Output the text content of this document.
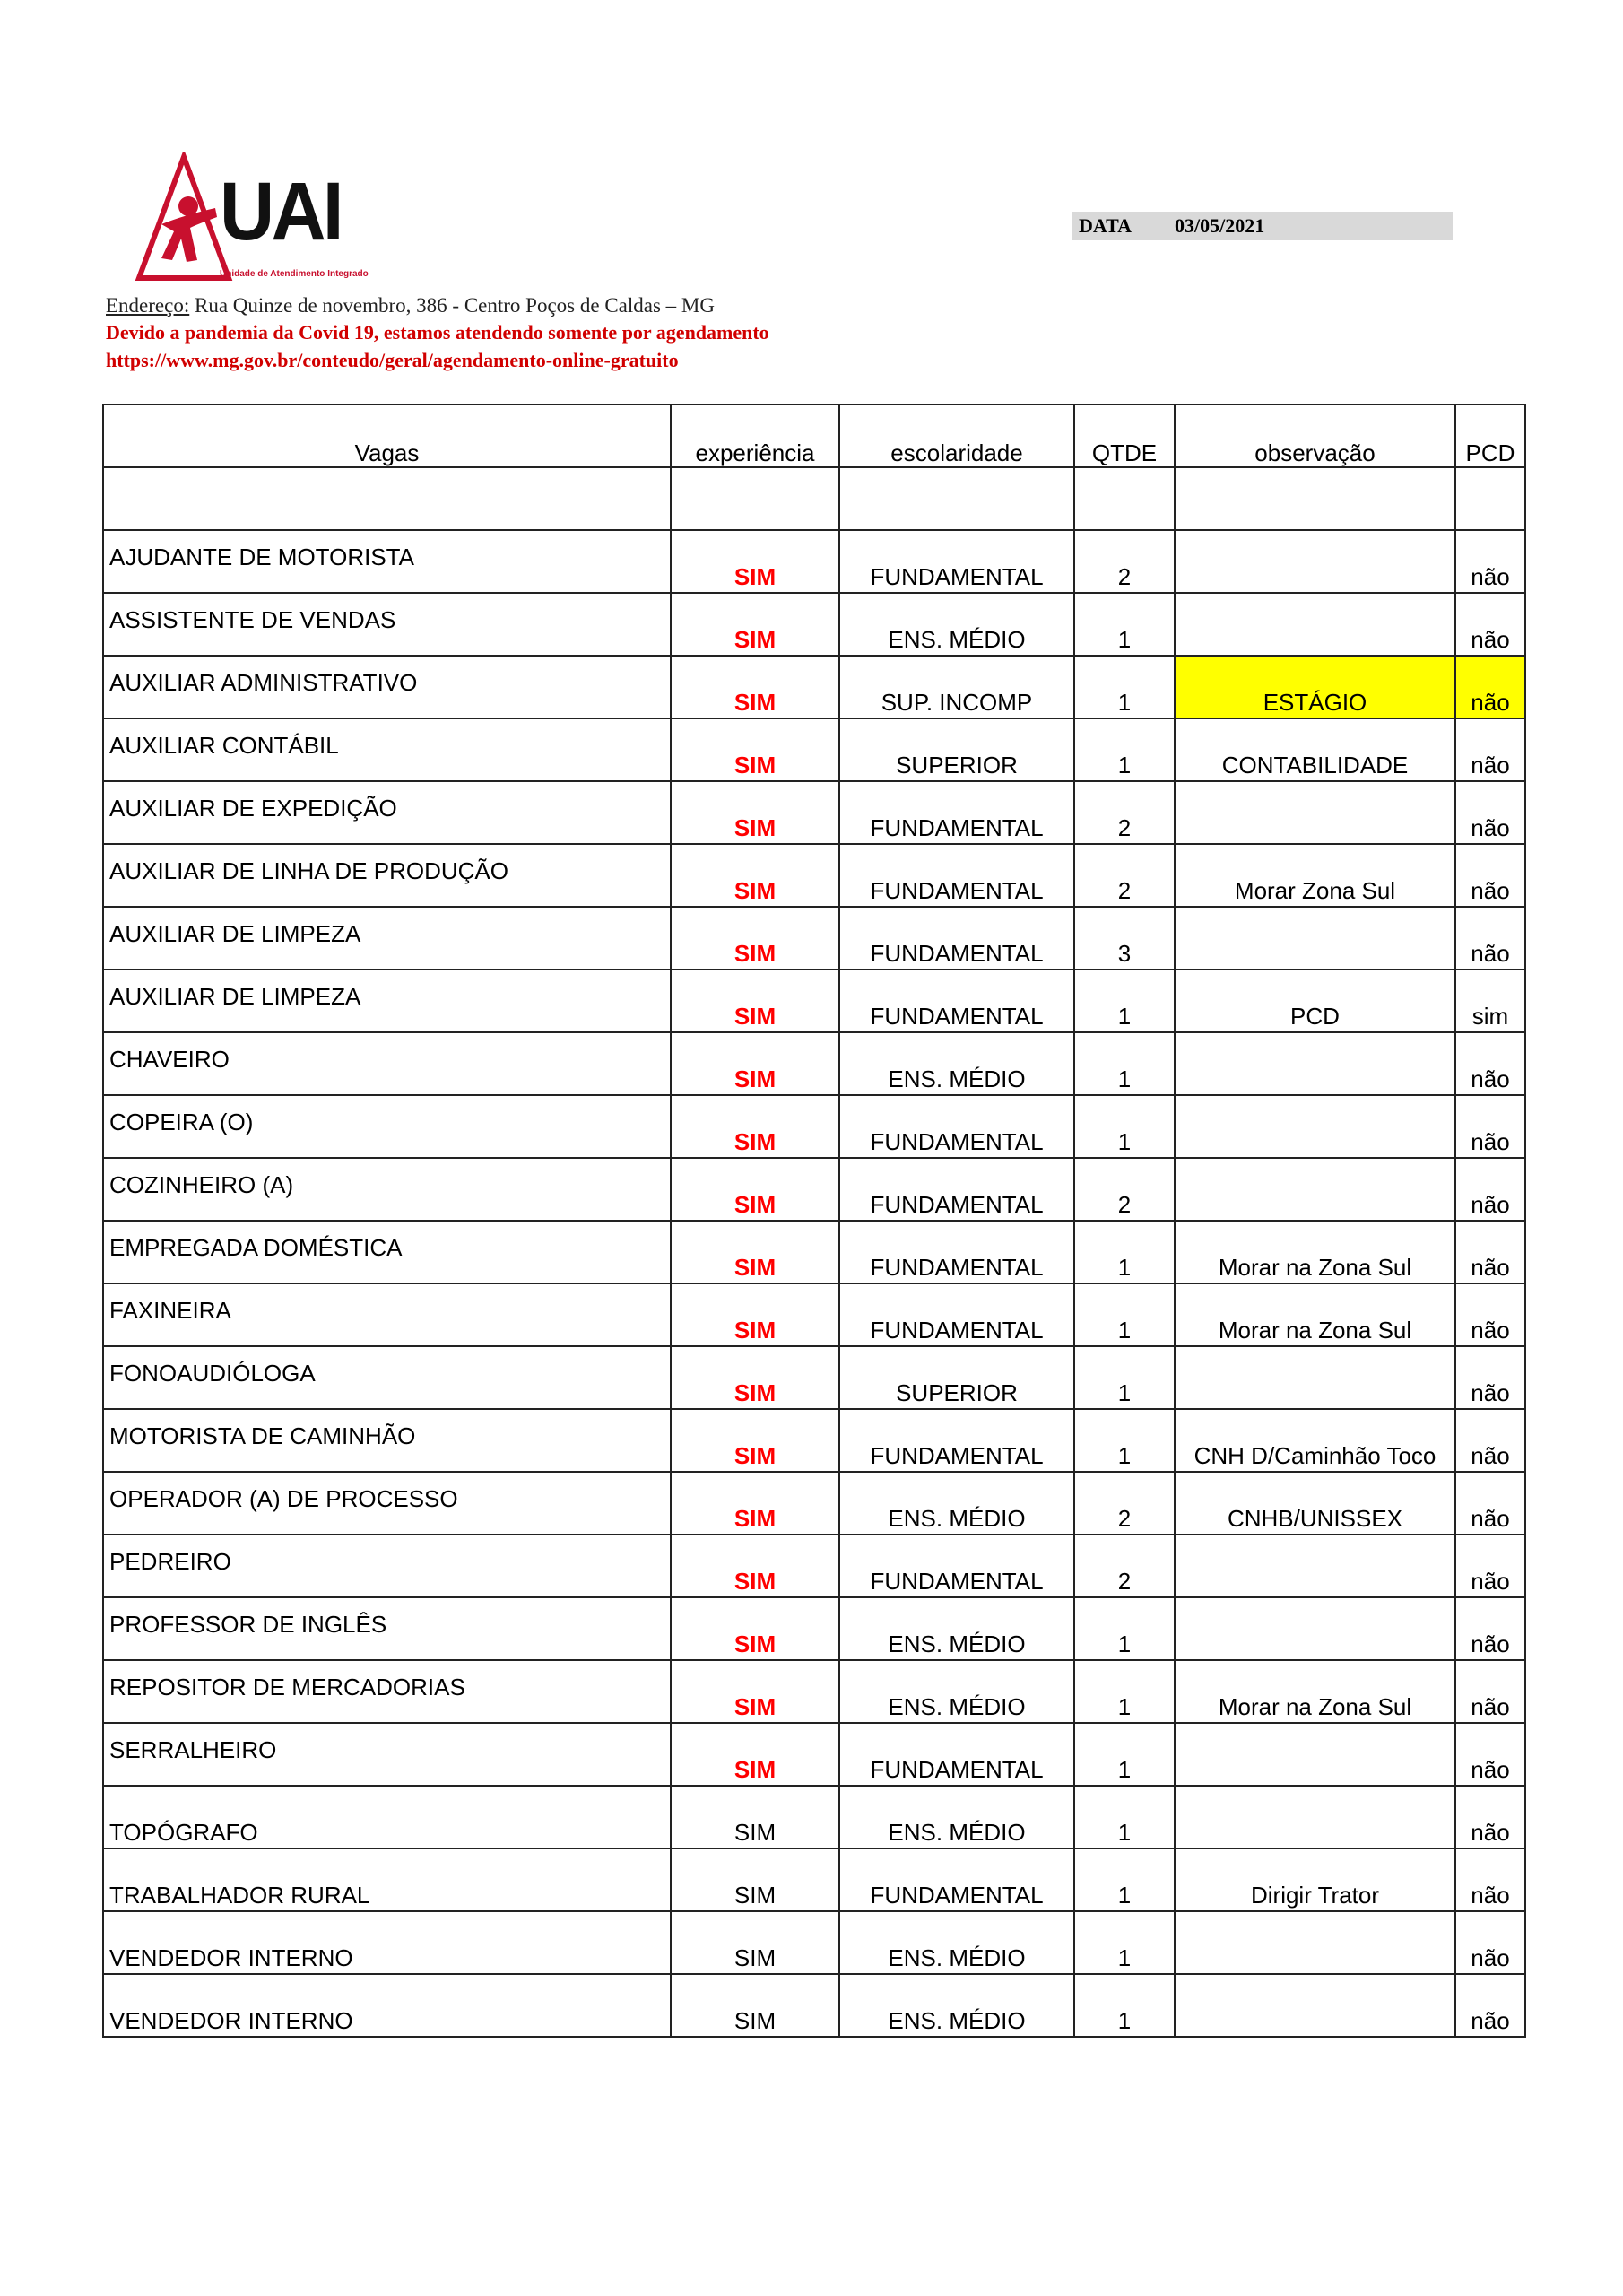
UAI
Unidade de Atendimento Integrado
DATA 03/05/2021
Endereço: Rua Quinze de novembro, 386 - Centro Poços de Caldas – MG
Devido a pandemia da Covid 19, estamos atendendo somente por agendamento
https://www.mg.gov.br/conteudo/geral/agendamento-online-gratuito
Vagas	experiência	escolaridade	QTDE	observação	PCD

AJUDANTE DE MOTORISTA	SIM	FUNDAMENTAL	2		não
ASSISTENTE DE VENDAS	SIM	ENS. MÉDIO	1		não
AUXILIAR ADMINISTRATIVO	SIM	SUP. INCOMP	1	ESTÁGIO	não
AUXILIAR CONTÁBIL	SIM	SUPERIOR	1	CONTABILIDADE	não
AUXILIAR DE EXPEDIÇÃO	SIM	FUNDAMENTAL	2		não
AUXILIAR DE LINHA DE PRODUÇÃO	SIM	FUNDAMENTAL	2	Morar Zona Sul	não
AUXILIAR DE LIMPEZA	SIM	FUNDAMENTAL	3		não
AUXILIAR DE LIMPEZA	SIM	FUNDAMENTAL	1	PCD	sim
CHAVEIRO	SIM	ENS. MÉDIO	1		não
COPEIRA (O)	SIM	FUNDAMENTAL	1		não
COZINHEIRO (A)	SIM	FUNDAMENTAL	2		não
EMPREGADA DOMÉSTICA	SIM	FUNDAMENTAL	1	Morar na Zona Sul	não
FAXINEIRA	SIM	FUNDAMENTAL	1	Morar na Zona Sul	não
FONOAUDIÓLOGA	SIM	SUPERIOR	1		não
MOTORISTA DE CAMINHÃO	SIM	FUNDAMENTAL	1	CNH D/Caminhão Toco	não
OPERADOR (A) DE PROCESSO	SIM	ENS. MÉDIO	2	CNHB/UNISSEX	não
PEDREIRO	SIM	FUNDAMENTAL	2		não
PROFESSOR DE INGLÊS	SIM	ENS. MÉDIO	1		não
REPOSITOR DE MERCADORIAS	SIM	ENS. MÉDIO	1	Morar na Zona Sul	não
SERRALHEIRO	SIM	FUNDAMENTAL	1		não
TOPÓGRAFO	SIM	ENS. MÉDIO	1		não
TRABALHADOR RURAL	SIM	FUNDAMENTAL	1	Dirigir Trator	não
VENDEDOR INTERNO	SIM	ENS. MÉDIO	1		não
VENDEDOR INTERNO	SIM	ENS. MÉDIO	1		não
